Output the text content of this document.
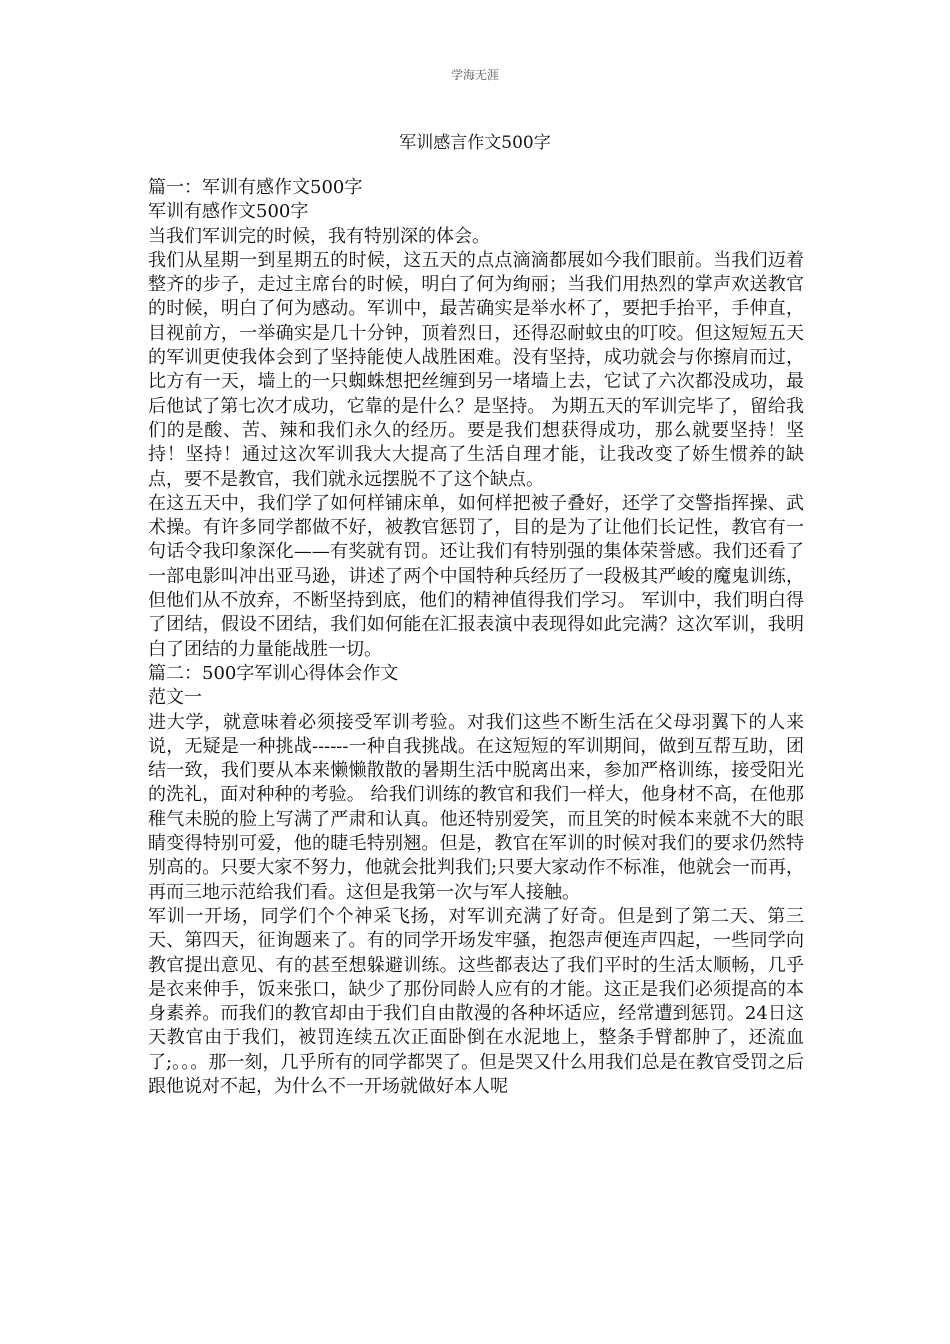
学海无涯
军训感言作文500字

篇一：军训有感作文500字

军训有感作文500字

当我们军训完的时候，我有特别深的体会。

我们从星期一到星期五的时候，这五天的点点滴滴都展如今我们眼前。当我们迈着整齐的步子，走过主席台的时候，明白了何为绚丽；当我们用热烈的掌声欢送教官的时候，明白了何为感动。军训中，最苦确实是举水杯了，要把手抬平，手伸直，目视前方，一举确实是几十分钟，顶着烈日，还得忍耐蚊虫的叮咬。但这短短五天的军训更使我体会到了坚持能使人战胜困难。没有坚持，成功就会与你擦肩而过，比方有一天，墙上的一只蜘蛛想把丝缠到另一堵墙上去，它试了六次都没成功，最后他试了第七次才成功，它靠的是什么？是坚持。 为期五天的军训完毕了，留给我们的是酸、苦、辣和我们永久的经历。要是我们想获得成功，那么就要坚持！坚持！坚持！通过这次军训我大大提高了生活自理才能，让我改变了娇生惯养的缺点，要不是教官，我们就永远摆脱不了这个缺点。

在这五天中，我们学了如何样铺床单，如何样把被子叠好，还学了交警指挥操、武术操。有许多同学都做不好，被教官惩罚了，目的是为了让他们长记性，教官有一句话令我印象深化——有奖就有罚。还让我们有特别强的集体荣誉感。我们还看了一部电影叫冲出亚马逊，讲述了两个中国特种兵经历了一段极其严峻的魔鬼训练，但他们从不放弃，不断坚持到底，他们的精神值得我们学习。 军训中，我们明白得了团结，假设不团结，我们如何能在汇报表演中表现得如此完满？这次军训，我明白了团结的力量能战胜一切。

篇二：500字军训心得体会作文

范文一

进大学，就意味着必须接受军训考验。对我们这些不断生活在父母羽翼下的人来说，无疑是一种挑战------一种自我挑战。在这短短的军训期间，做到互帮互助，团结一致，我们要从本来懒懒散散的暑期生活中脱离出来，参加严格训练，接受阳光的洗礼，面对种种的考验。 给我们训练的教官和我们一样大，他身材不高，在他那稚气未脱的脸上写满了严肃和认真。他还特别爱笑，而且笑的时候本来就不大的眼睛变得特别可爱，他的睫毛特别翘。但是，教官在军训的时候对我们的要求仍然特别高的。只要大家不努力，他就会批判我们;只要大家动作不标准，他就会一而再，再而三地示范给我们看。这但是我第一次与军人接触。

军训一开场，同学们个个神采飞扬，对军训充满了好奇。但是到了第二天、第三天、第四天，征询题来了。有的同学开场发牢骚，抱怨声便连声四起，一些同学向教官提出意见、有的甚至想躲避训练。这些都表达了我们平时的生活太顺畅，几乎是衣来伸手，饭来张口，缺少了那份同龄人应有的才能。这正是我们必须提高的本身素养。而我们的教官却由于我们自由散漫的各种坏适应，经常遭到惩罚。24日这天教官由于我们，被罚连续五次正面卧倒在水泥地上，整条手臂都肿了，还流血了;。。。那一刻，几乎所有的同学都哭了。但是哭又什么用我们总是在教官受罚之后跟他说对不起，为什么不一开场就做好本人呢
